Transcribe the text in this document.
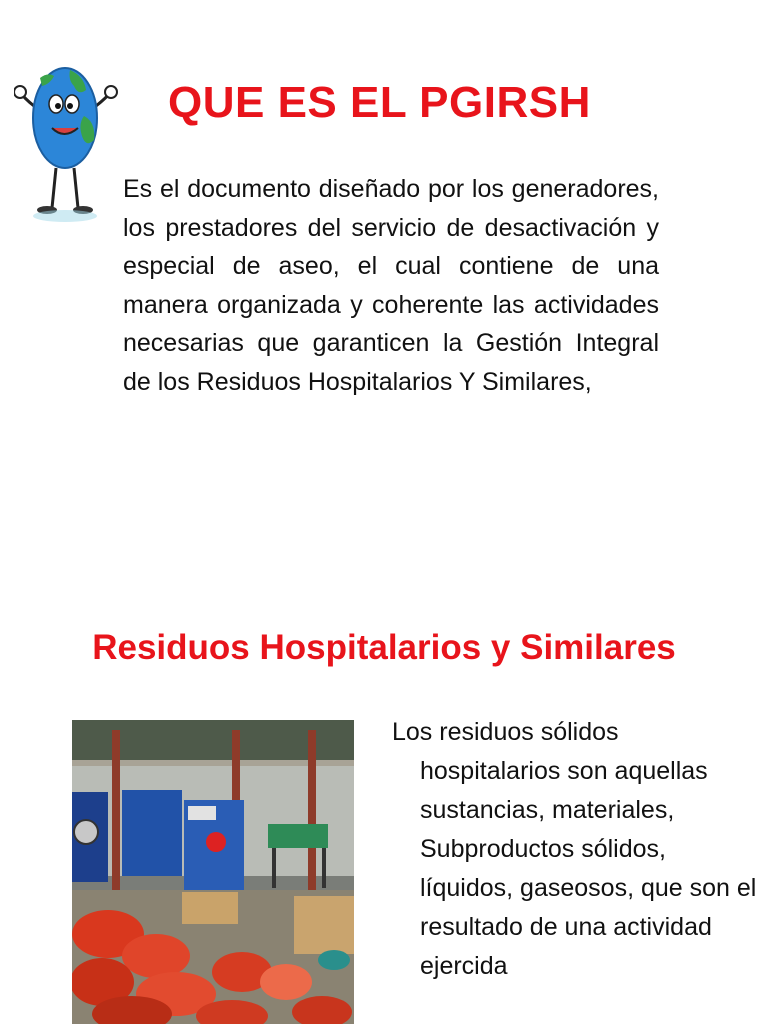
QUE ES EL PGIRSH

Es el documento diseñado por los generadores, los prestadores del servicio de desactivación y especial de aseo, el cual contiene de una manera organizada y coherente las actividades necesarias que garanticen la Gestión Integral de los Residuos Hospitalarios Y Similares,

Residuos Hospitalarios y Similares

Los residuos sólidos hospitalarios son aquellas sustancias, materiales, Subproductos sólidos, líquidos, gaseosos, que son el resultado de una actividad ejercida
